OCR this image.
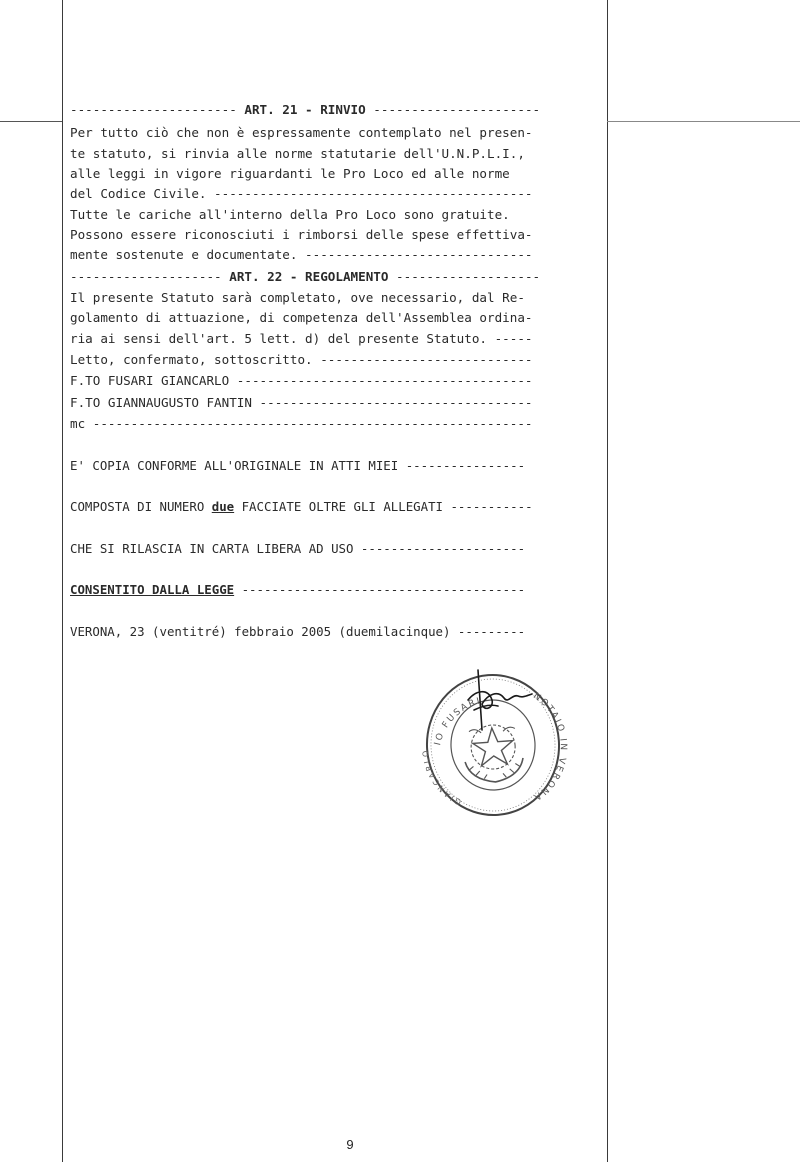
---------------------- ART. 21 - RINVIO ----------------------
Per tutto ciò che non è espressamente contemplato nel presen-
te statuto, si rinvia alle norme statutarie dell'U.N.P.L.I.,
alle leggi in vigore riguardanti le Pro Loco ed alle norme
del Codice Civile. ------------------------------------------
Tutte le cariche all'interno della Pro Loco sono gratuite.
Possono essere riconosciuti i rimborsi delle spese effettiva-
mente sostenute e documentate. ------------------------------
-------------------- ART. 22 - REGOLAMENTO -------------------
Il presente Statuto sarà completato, ove necessario, dal Re-
golamento di attuazione, di competenza dell'Assemblea ordina-
ria ai sensi dell'art. 5 lett. d) del presente Statuto. -----
Letto, confermato, sottoscritto. ----------------------------
F.TO FUSARI GIANCARLO ---------------------------------------
F.TO GIANNAUGUSTO FANTIN ------------------------------------
mc ----------------------------------------------------------
E' COPIA CONFORME ALL'ORIGINALE IN ATTI MIEI ----------------
COMPOSTA DI NUMERO due FACCIATE OLTRE GLI ALLEGATI -----------
CHE SI RILASCIA IN CARTA LIBERA AD USO ----------------------
CONSENTITO DALLA LEGGE --------------------------------------
VERONA, 23 (ventitré) febbraio 2005 (duemilacinque) ---------
IO FUSARI	NOTAIO IN VERONA
GIANCARLO
9
